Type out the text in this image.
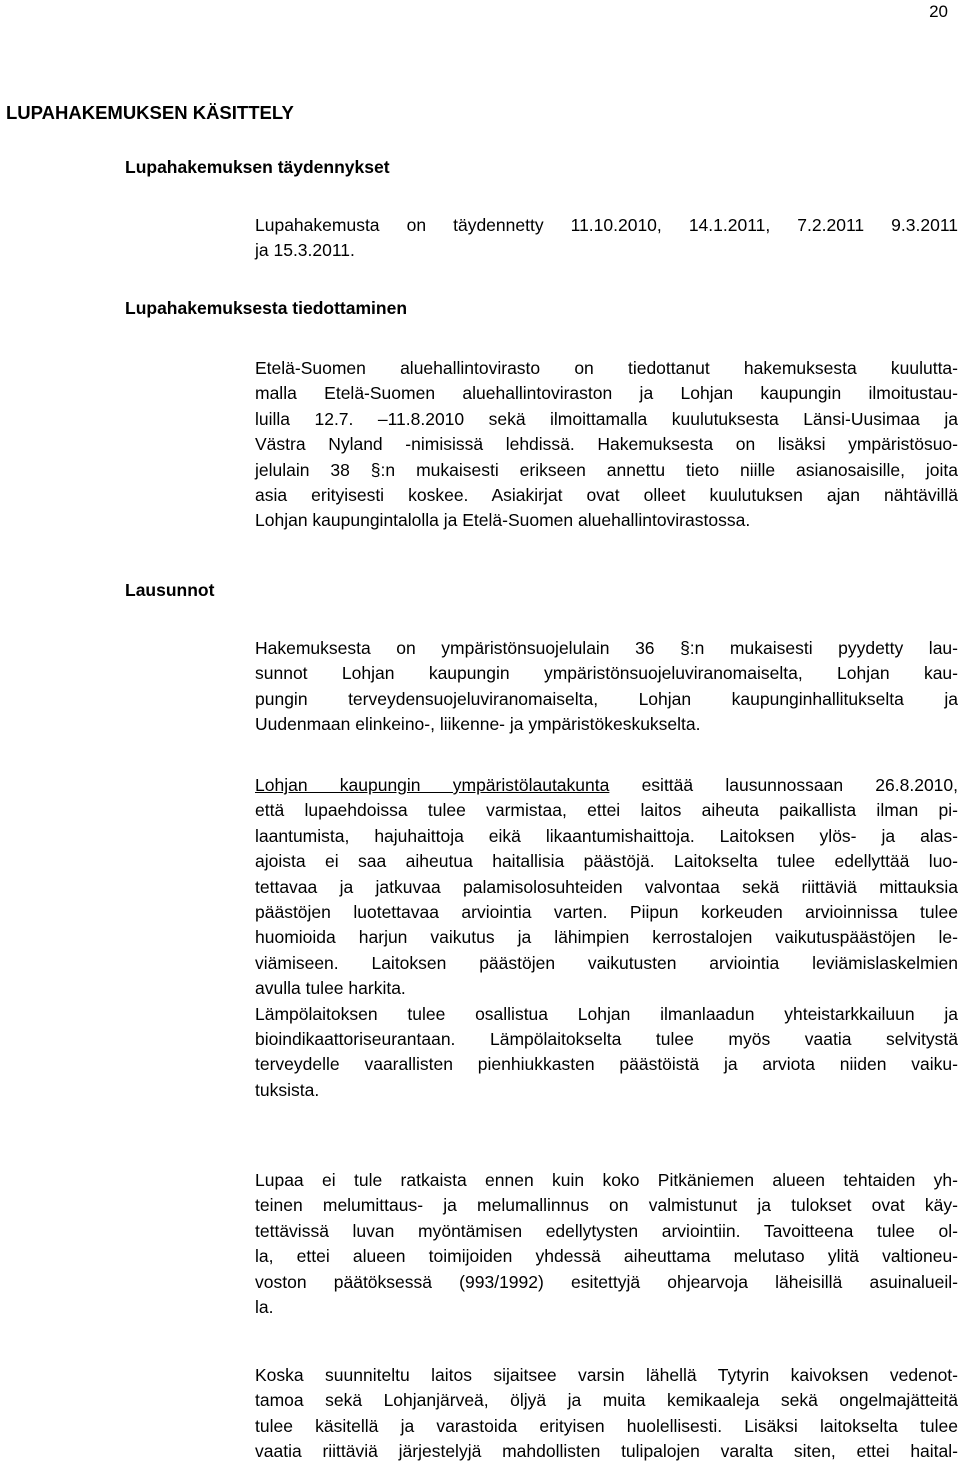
20
LUPAHAKEMUKSEN KÄSITTELY
Lupahakemuksen täydennykset
Lupahakemusta on täydennetty 11.10.2010, 14.1.2011, 7.2.2011 9.3.2011
ja 15.3.2011.
Lupahakemuksesta tiedottaminen
Etelä-Suomen aluehallintovirasto on tiedottanut hakemuksesta kuulutta-
malla Etelä-Suomen aluehallintoviraston ja Lohjan kaupungin ilmoitustau-
luilla 12.7. –11.8.2010 sekä ilmoittamalla kuulutuksesta Länsi-Uusimaa ja
Västra Nyland -nimisissä lehdissä. Hakemuksesta on lisäksi ympäristösuo-
jelulain 38 §:n mukaisesti erikseen annettu tieto niille asianosaisille, joita
asia erityisesti koskee. Asiakirjat ovat olleet kuulutuksen ajan nähtävillä
Lohjan kaupungintalolla ja Etelä-Suomen aluehallintovirastossa.
Lausunnot
Hakemuksesta on ympäristönsuojelulain 36 §:n mukaisesti pyydetty lau-
sunnot Lohjan kaupungin ympäristönsuojeluviranomaiselta, Lohjan kau-
pungin terveydensuojeluviranomaiselta, Lohjan kaupunginhallitukselta ja
Uudenmaan elinkeino-, liikenne- ja ympäristökeskukselta.
Lohjan kaupungin ympäristölautakunta esittää lausunnossaan 26.8.2010,
että lupaehdoissa tulee varmistaa, ettei laitos aiheuta paikallista ilman pi-
laantumista, hajuhaittoja eikä likaantumishaittoja. Laitoksen ylös- ja alas-
ajoista ei saa aiheutua haitallisia päästöjä. Laitokselta tulee edellyttää luo-
tettavaa ja jatkuvaa palamisolosuhteiden valvontaa sekä riittäviä mittauksia
päästöjen luotettavaa arviointia varten. Piipun korkeuden arvioinnissa tulee
huomioida harjun vaikutus ja lähimpien kerrostalojen vaikutuspäästöjen le-
viämiseen. Laitoksen päästöjen vaikutusten arviointia leviämislaskelmien
avulla tulee harkita.
Lämpölaitoksen tulee osallistua Lohjan ilmanlaadun yhteistarkkailuun ja
bioindikaattoriseurantaan. Lämpölaitokselta tulee myös vaatia selvitystä
terveydelle vaarallisten pienhiukkasten päästöistä ja arviota niiden vaiku-
tuksista.
Lupaa ei tule ratkaista ennen kuin koko Pitkäniemen alueen tehtaiden yh-
teinen melumittaus- ja melumallinnus on valmistunut ja tulokset ovat käy-
tettävissä luvan myöntämisen edellytysten arviointiin. Tavoitteena tulee ol-
la, ettei alueen toimijoiden yhdessä aiheuttama melutaso ylitä valtioneu-
voston päätöksessä (993/1992) esitettyjä ohjearvoja läheisillä asuinalueil-
la.
Koska suunniteltu laitos sijaitsee varsin lähellä Tytyrin kaivoksen vedenot-
tamoa sekä Lohjanjärveä, öljyä ja muita kemikaaleja sekä ongelmajätteitä
tulee käsitellä ja varastoida erityisen huolellisesti. Lisäksi laitokselta tulee
vaatia riittäviä järjestelyjä mahdollisten tulipalojen varalta siten, ettei haital-
